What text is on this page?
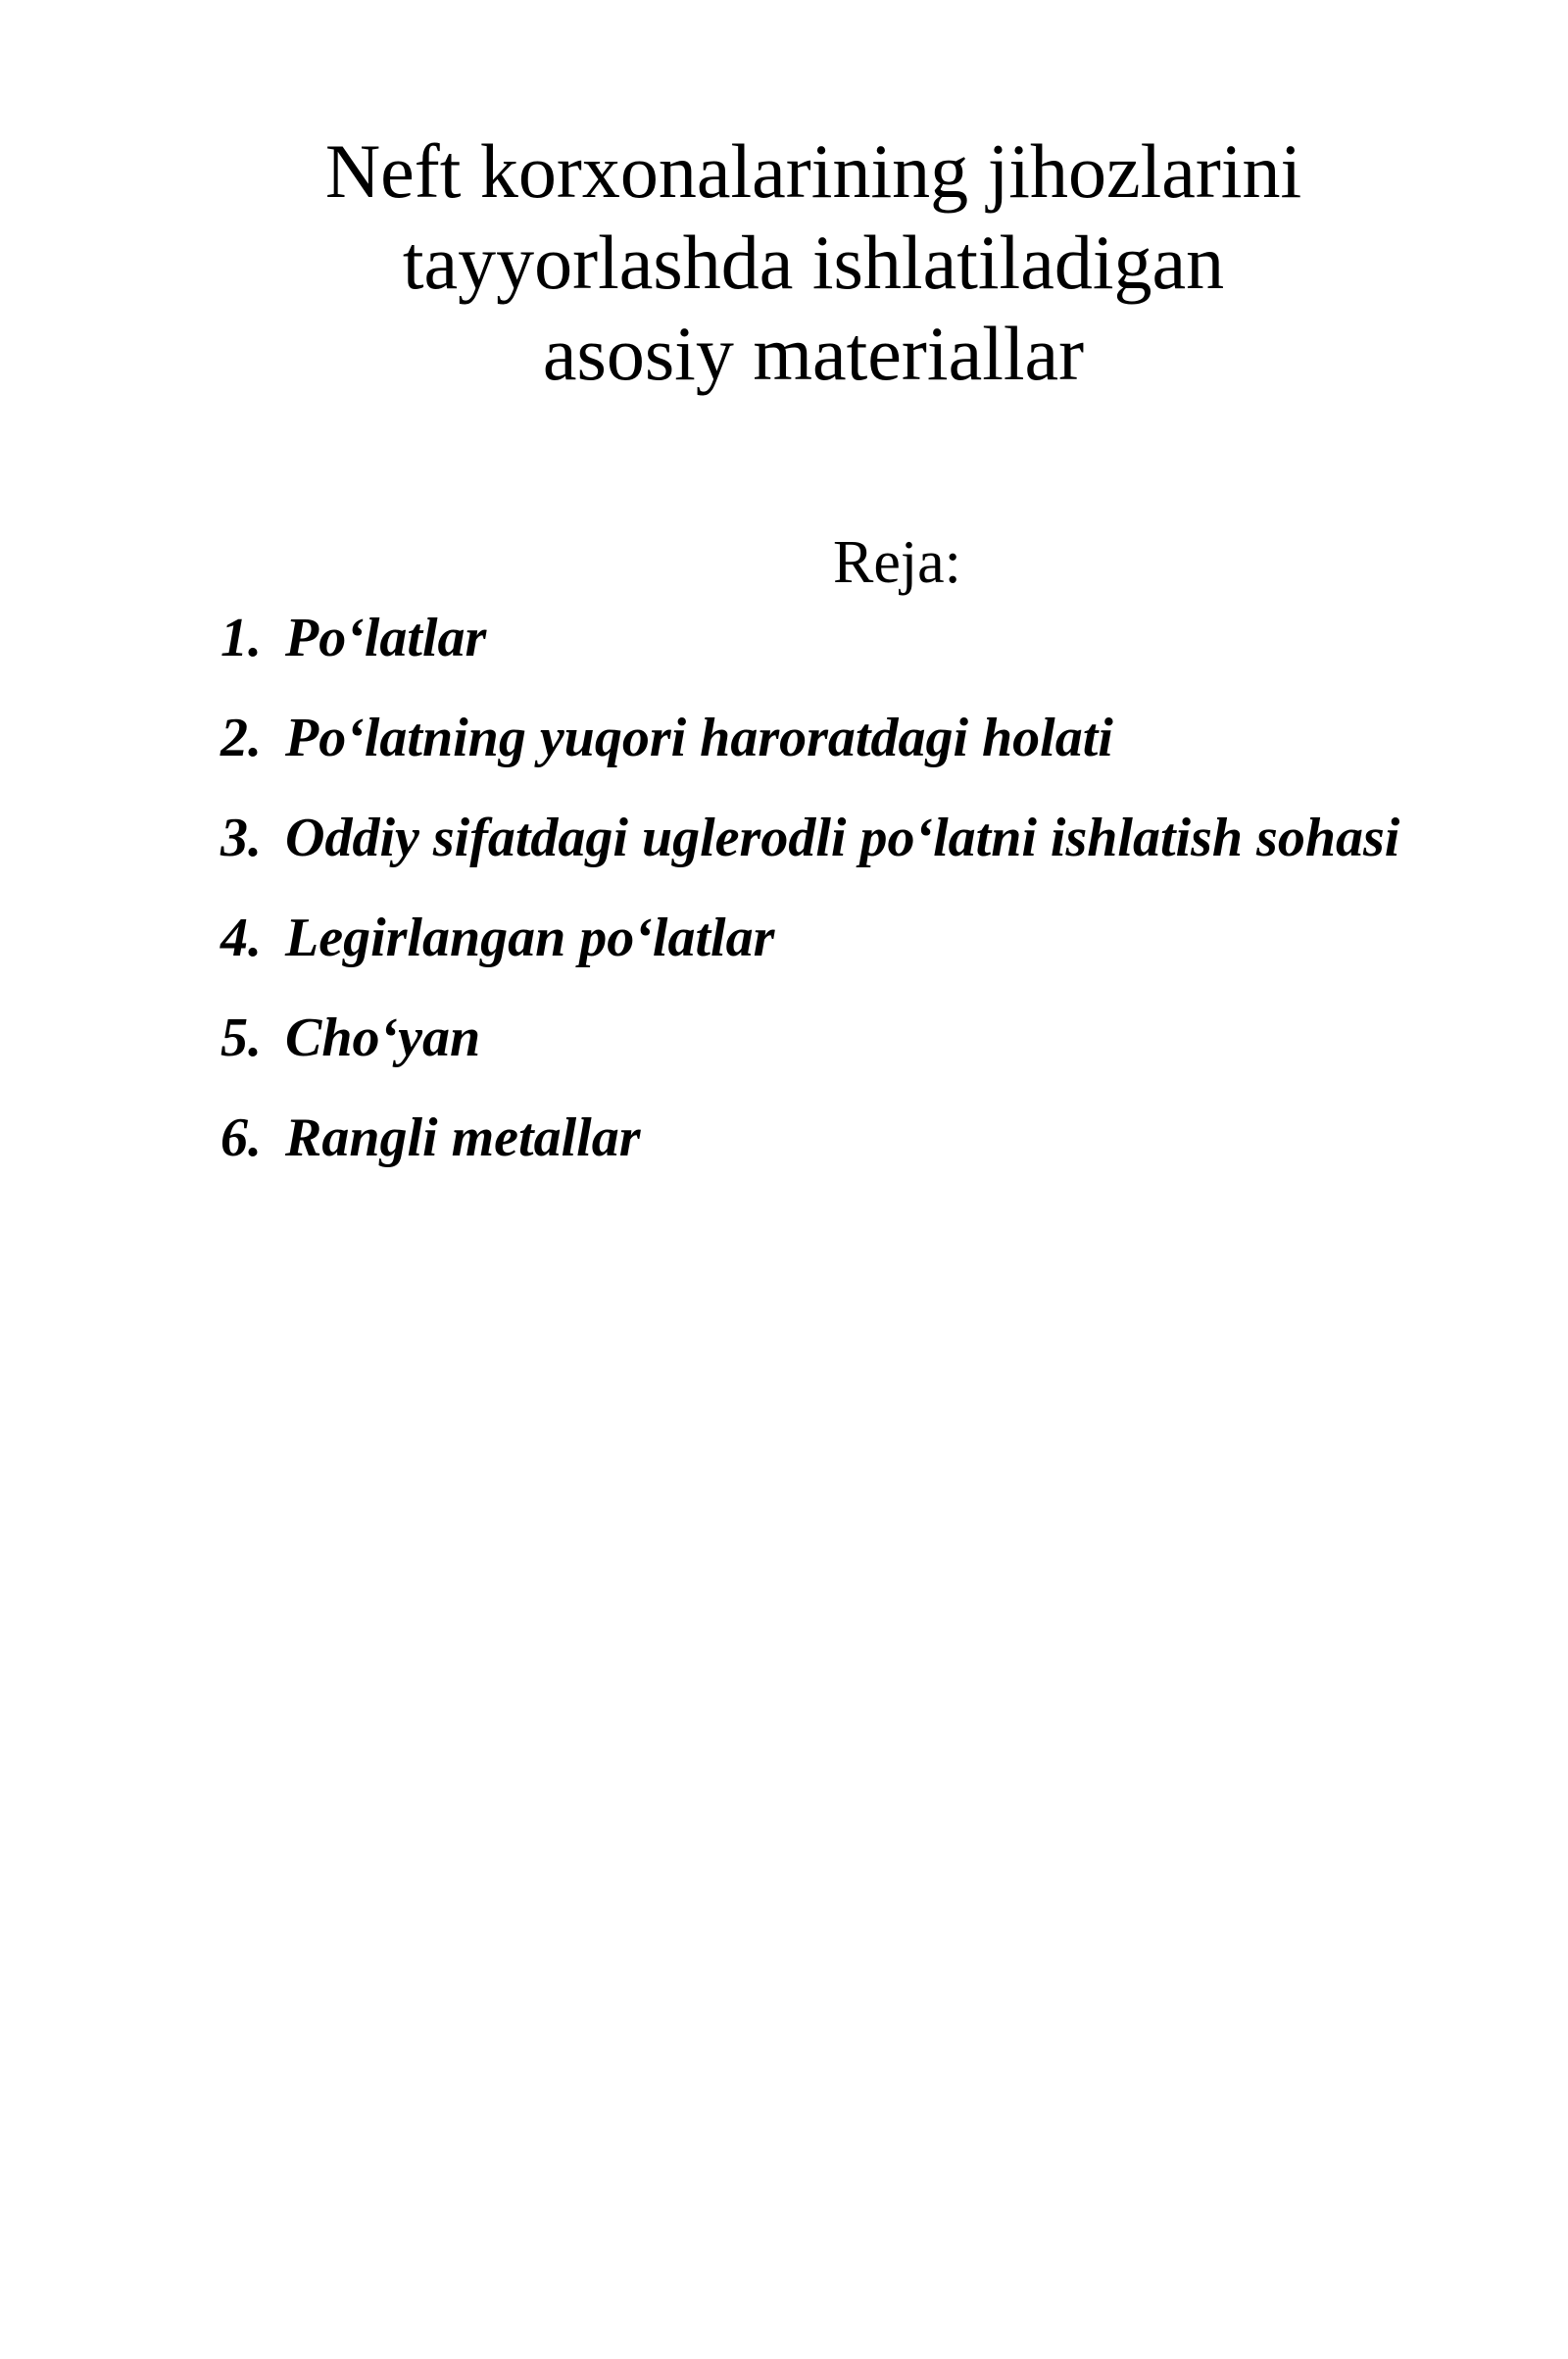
Neft korxonalarining jihozlarini
tayyorlashda ishlatiladigan
asosiy materiallar
Reja:
1. Po‘latlar
2. Po‘latning yuqori haroratdagi holati
3. Oddiy sifatdagi uglerodli po‘latni ishlatish sohasi
4. Legirlangan po‘latlar
5. Cho‘yan
6. Rangli metallar
